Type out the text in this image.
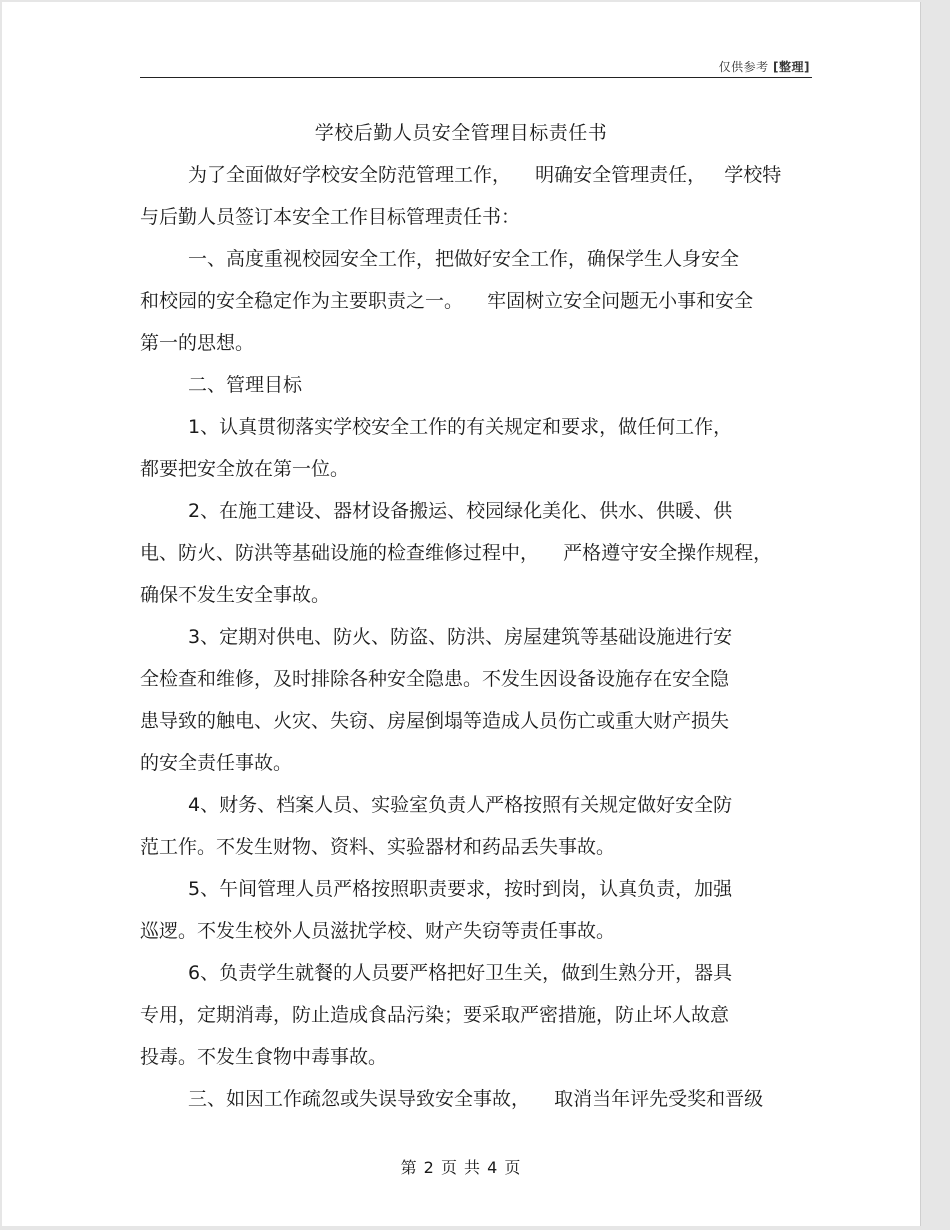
仅供参考 [整理]
学校后勤人员安全管理目标责任书

为了全面做好学校安全防范管理工作，    明确安全管理责任，   学校特
与后勤人员签订本安全工作目标管理责任书：

一、高度重视校园安全工作，把做好安全工作，确保学生人身安全
和校园的安全稳定作为主要职责之一。    牢固树立安全问题无小事和安全
第一的思想。

二、管理目标

1、认真贯彻落实学校安全工作的有关规定和要求，做任何工作，
都要把安全放在第一位。

2、在施工建设、器材设备搬运、校园绿化美化、供水、供暖、供
电、防火、防洪等基础设施的检查维修过程中，    严格遵守安全操作规程，
确保不发生安全事故。

3、定期对供电、防火、防盗、防洪、房屋建筑等基础设施进行安
全检查和维修，及时排除各种安全隐患。不发生因设备设施存在安全隐
患导致的触电、火灾、失窃、房屋倒塌等造成人员伤亡或重大财产损失
的安全责任事故。

4、财务、档案人员、实验室负责人严格按照有关规定做好安全防
范工作。不发生财物、资料、实验器材和药品丢失事故。

5、午间管理人员严格按照职责要求，按时到岗，认真负责，加强
巡逻。不发生校外人员滋扰学校、财产失窃等责任事故。

6、负责学生就餐的人员要严格把好卫生关，做到生熟分开，器具
专用，定期消毒，防止造成食品污染；要采取严密措施，防止坏人故意
投毒。不发生食物中毒事故。

三、如因工作疏忽或失误导致安全事故，    取消当年评先受奖和晋级

第 2 页 共 4 页
